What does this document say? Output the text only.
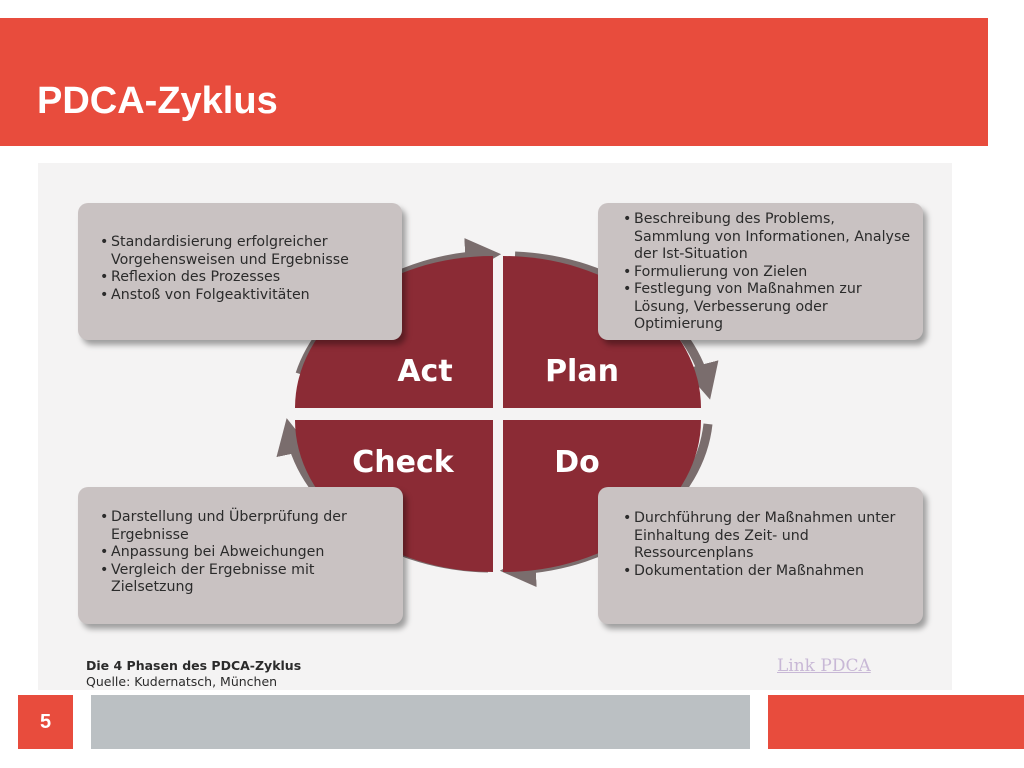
PDCA-Zyklus
Act	Plan
Check	Do
• Standardisierung erfolgreicher Vorgehensweisen und Ergebnisse
• Reflexion des Prozesses
• Anstoß von Folgeaktivitäten
• Beschreibung des Problems, Sammlung von Informationen, Analyse der Ist-Situation
• Formulierung von Zielen
• Festlegung von Maßnahmen zur Lösung, Verbesserung oder Optimierung
• Darstellung und Überprüfung der Ergebnisse
• Anpassung bei Abweichungen
• Vergleich der Ergebnisse mit Zielsetzung
• Durchführung der Maßnahmen unter Einhaltung des Zeit- und Ressourcenplans
• Dokumentation der Maßnahmen
Die 4 Phasen des PDCA-Zyklus
Quelle: Kudernatsch, München
Link PDCA
5
